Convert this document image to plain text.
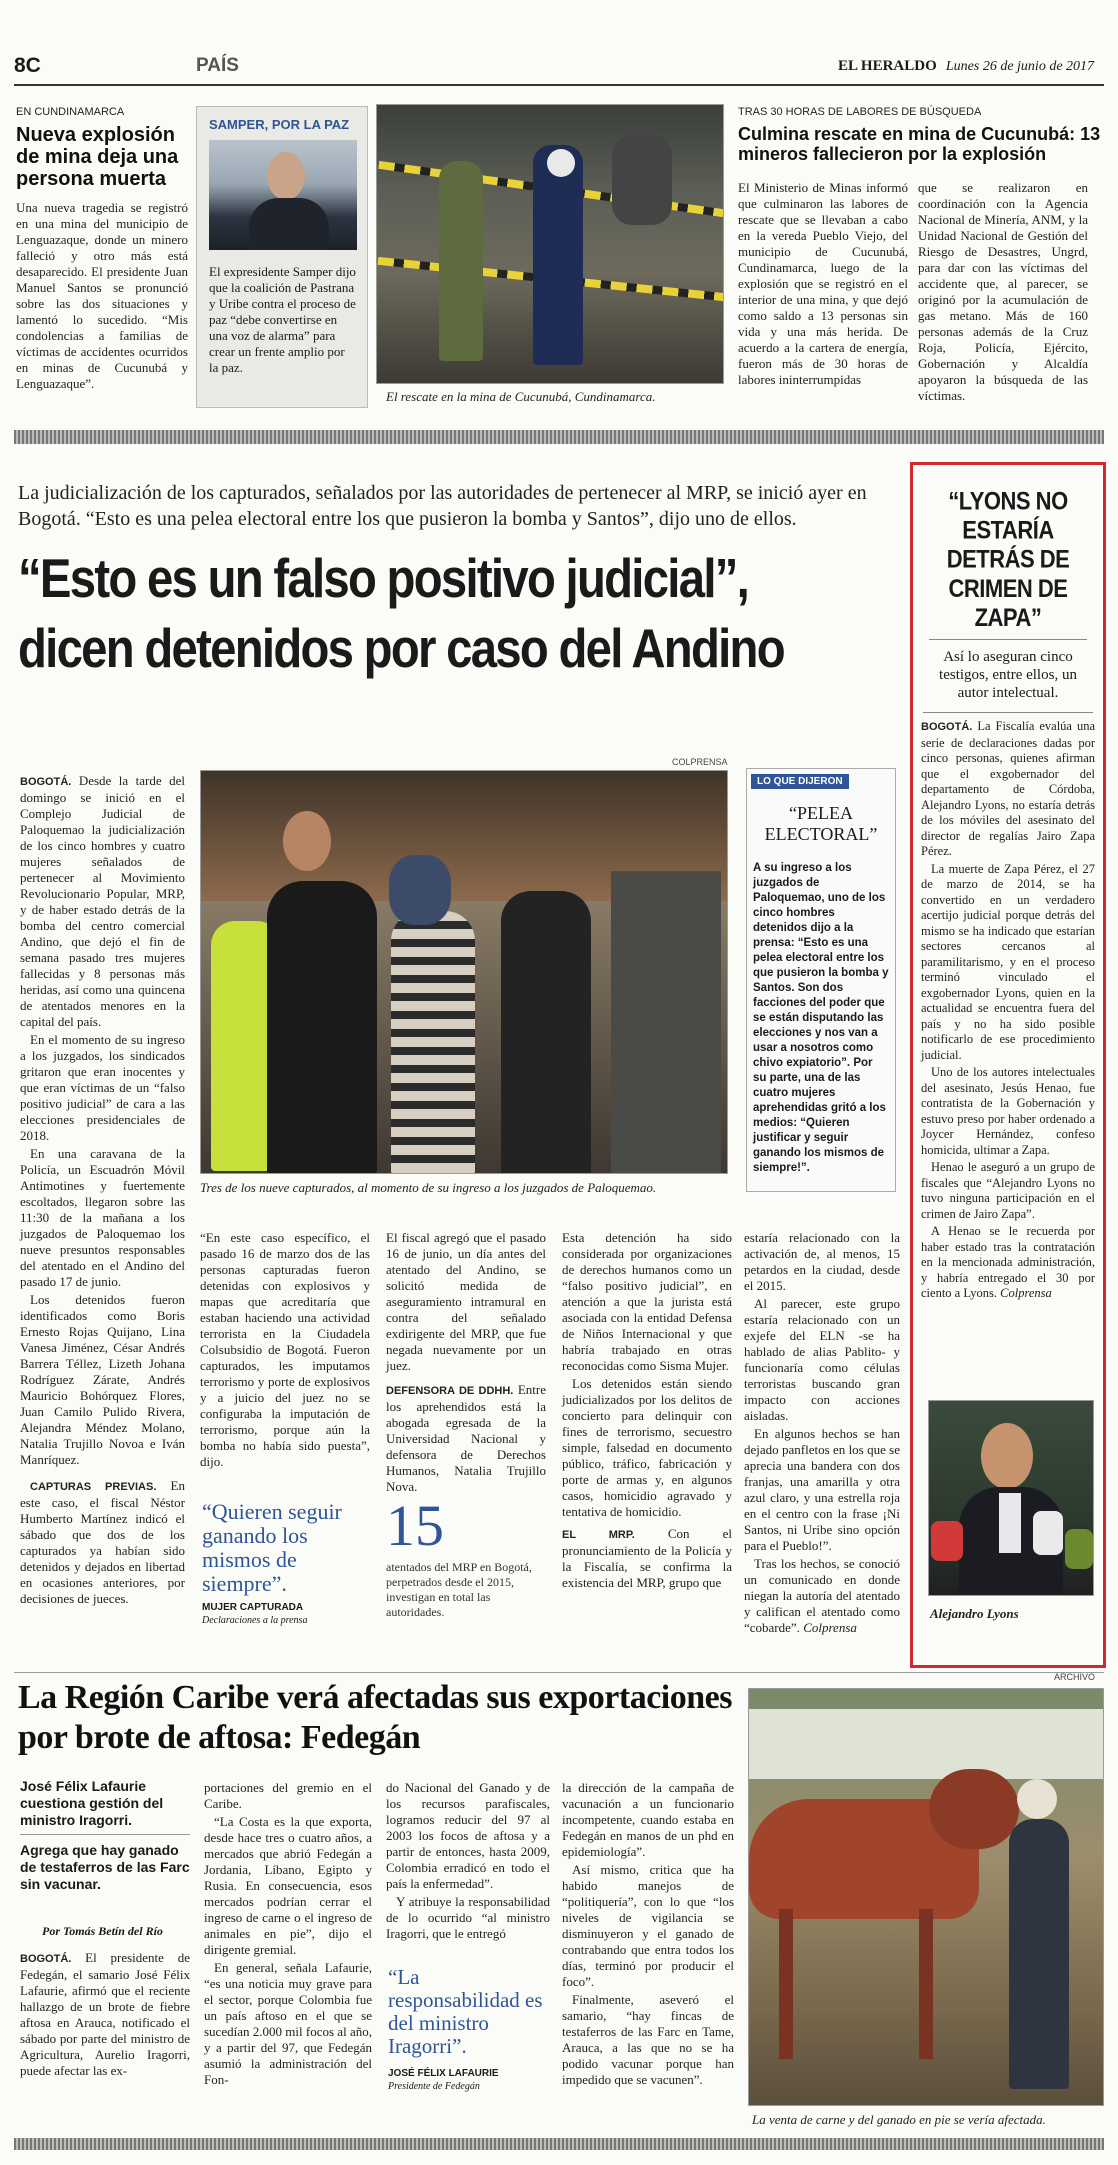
8C	PAÍS	EL HERALDO Lunes 26 de junio de 2017
EN CUNDINAMARCA
Nueva explosión de mina deja una persona muerta
Una nueva tragedia se registró en una mina del municipio de Lenguazaque, donde un minero falleció y otro más está desaparecido. El presidente Juan Manuel Santos se pronunció sobre las dos situaciones y lamentó lo sucedido. “Mis condolencias a familias de víctimas de accidentes ocurridos en minas de Cucunubá y Lenguazaque”.
SAMPER, POR LA PAZ
El expresidente Samper dijo que la coalición de Pastrana y Uribe contra el proceso de paz “debe convertirse en una voz de alarma” para crear un frente amplio por la paz.
El rescate en la mina de Cucunubá, Cundinamarca.
TRAS 30 HORAS DE LABORES DE BÚSQUEDA
Culmina rescate en mina de Cucunubá: 13 mineros fallecieron por la explosión
El Ministerio de Minas informó que culminaron las labores de rescate que se llevaban a cabo en la vereda Pueblo Viejo, del municipio de Cucunubá, Cundinamarca, luego de la explosión que se registró en el interior de una mina, y que dejó como saldo a 13 personas sin vida y una más herida. De acuerdo a la cartera de energía, fueron más de 30 horas de labores ininterrumpidas
que se realizaron en coordinación con la Agencia Nacional de Minería, ANM, y la Unidad Nacional de Gestión del Riesgo de Desastres, Ungrd, para dar con las víctimas del accidente que, al parecer, se originó por la acumulación de gas metano. Más de 160 personas además de la Cruz Roja, Policía, Ejército, Gobernación y Alcaldía apoyaron la búsqueda de las víctimas.
La judicialización de los capturados, señalados por las autoridades de pertenecer al MRP, se inició ayer en Bogotá. “Esto es una pelea electoral entre los que pusieron la bomba y Santos”, dijo uno de ellos.
“Esto es un falso positivo judicial”,
dicen detenidos por caso del Andino

BOGOTÁ. Desde la tarde del domingo se inició en el Complejo Judicial de Paloquemao la judicialización de los cinco hombres y cuatro mujeres señalados de pertenecer al Movimiento Revolucionario Popular, MRP, y de haber estado detrás de la bomba del centro comercial Andino, que dejó el fin de semana pasado tres mujeres fallecidas y 8 personas más heridas, así como una quincena de atentados menores en la capital del país.

En el momento de su ingreso a los juzgados, los sindicados gritaron que eran inocentes y que eran víctimas de un “falso positivo judicial” de cara a las elecciones presidenciales de 2018.

En una caravana de la Policía, un Escuadrón Móvil Antimotines y fuertemente escoltados, llegaron sobre las 11:30 de la mañana a los juzgados de Paloquemao los nueve presuntos responsables del atentado en el Andino del pasado 17 de junio.

Los detenidos fueron identificados como Boris Ernesto Rojas Quijano, Lina Vanesa Jiménez, César Andrés Barrera Téllez, Lizeth Johana Rodríguez Zárate, Andrés Mauricio Bohórquez Flores, Juan Camilo Pulido Rivera, Alejandra Méndez Molano, Natalia Trujillo Novoa e Iván Manríquez.

CAPTURAS PREVIAS. En este caso, el fiscal Néstor Humberto Martínez indicó el sábado que dos de los capturados ya habían sido detenidos y dejados en libertad en ocasiones anteriores, por decisiones de jueces.

COLPRENSA
Tres de los nueve capturados, al momento de su ingreso a los juzgados de Paloquemao.
LO QUE DIJERON
“PELEA ELECTORAL”
A su ingreso a los juzgados de Paloquemao, uno de los cinco hombres detenidos dijo a la prensa: “Esto es una pelea electoral entre los que pusieron la bomba y Santos. Son dos facciones del poder que se están disputando las elecciones y nos van a usar a nosotros como chivo expiatorio”. Por su parte, una de las cuatro mujeres aprehendidas gritó a los medios: “Quieren justificar y seguir ganando los mismos de siempre!”.
“En este caso específico, el pasado 16 de marzo dos de las personas capturadas fueron detenidas con explosivos y mapas que acreditaría que estaban haciendo una actividad terrorista en la Ciudadela Colsubsidio de Bogotá. Fueron capturados, les imputamos terrorismo y porte de explosivos y a juicio del juez no se configuraba la imputación de terrorismo, porque aún la bomba no había sido puesta”, dijo.
“Quieren seguir ganando los mismos de siempre”.
MUJER CAPTURADA
Declaraciones a la prensa

El fiscal agregó que el pasado 16 de junio, un día antes del atentado del Andino, se solicitó medida de aseguramiento intramural en contra del señalado exdirigente del MRP, que fue negada nuevamente por un juez.

DEFENSORA DE DDHH. Entre los aprehendidos está la abogada egresada de la Universidad Nacional y defensora de Derechos Humanos, Natalia Trujillo Nova.

15
atentados del MRP en Bogotá, perpetrados desde el 2015, investigan en total las autoridades.

Esta detención ha sido considerada por organizaciones de derechos humanos como un “falso positivo judicial”, en atención a que la jurista está asociada con la entidad Defensa de Niños Internacional y que habría trabajado en otras reconocidas como Sisma Mujer.

Los detenidos están siendo judicializados por los delitos de concierto para delinquir con fines de terrorismo, secuestro simple, falsedad en documento público, tráfico, fabricación y porte de armas y, en algunos casos, homicidio agravado y tentativa de homicidio.

EL MRP.	Con el pronunciamiento de la Policía y la Fiscalía, se confirma la existencia del MRP, grupo que

estaría relacionado con la activación de, al menos, 15 petardos en la ciudad, desde el 2015.

Al parecer, este grupo estaría relacionado con un exjefe del ELN -se ha hablado de alias Pablito- y funcionaría como células terroristas buscando gran impacto con acciones aisladas.

En algunos hechos se han dejado panfletos en los que se aprecia una bandera con dos franjas, una amarilla y otra azul claro, y una estrella roja en el centro con la frase ¡Ni Santos, ni Uribe sino opción para el Pueblo!”.

Tras los hechos, se conoció un comunicado en donde niegan la autoría del atentado y califican el atentado como “cobarde”. Colprensa

“LYONS NO ESTARÍA DETRÁS DE CRIMEN DE ZAPA”
Así lo aseguran cinco testigos, entre ellos, un autor intelectual.

BOGOTÁ. La Fiscalía evalúa una serie de declaraciones dadas por cinco personas, quienes afirman que el exgobernador del departamento de Córdoba, Alejandro Lyons, no estaría detrás de los móviles del asesinato del director de regalías Jairo Zapa Pérez.

La muerte de Zapa Pérez, el 27 de marzo de 2014, se ha convertido en un verdadero acertijo judicial porque detrás del mismo se ha indicado que estarían sectores cercanos al paramilitarismo, y en el proceso terminó vinculado el exgobernador Lyons, quien en la actualidad se encuentra fuera del país y no ha sido posible notificarlo de ese procedimiento judicial.

Uno de los autores intelectuales del asesinato, Jesús Henao, fue contratista de la Gobernación y estuvo preso por haber ordenado a Joycer Hernández, confeso homicida, ultimar a Zapa.

Henao le aseguró a un grupo de fiscales que “Alejandro Lyons no tuvo ninguna participación en el crimen de Jairo Zapa”.

A Henao se le recuerda por haber estado tras la contratación en la mencionada administración, y habría entregado el 30 por ciento a Lyons. Colprensa

Alejandro Lyons
La Región Caribe verá afectadas sus exportaciones por brote de aftosa: Fedegán
José Félix Lafaurie cuestiona gestión del ministro Iragorri.
Agrega que hay ganado de testaferros de las Farc sin vacunar.
Por Tomás Betín del Río

BOGOTÁ. El presidente de Fedegán, el samario José Félix Lafaurie, afirmó que el reciente hallazgo de un brote de fiebre aftosa en Arauca, notificado el sábado por parte del ministro de Agricultura, Aurelio Iragorri, puede afectar las ex-

portaciones del gremio en el Caribe.

“La Costa es la que exporta, desde hace tres o cuatro años, a mercados que abrió Fedegán a Jordania, Líbano, Egipto y Rusia. En consecuencia, esos mercados podrían cerrar el ingreso de carne o el ingreso de animales en pie”, dijo el dirigente gremial.

En general, señala Lafaurie, “es una noticia muy grave para el sector, porque Colombia fue un país aftoso en el que se sucedían 2.000 mil focos al año, y a partir del 97, que Fedegán asumió la administración del Fon-

do Nacional del Ganado y de los recursos parafiscales, logramos reducir del 97 al 2003 los focos de aftosa y a partir de entonces, hasta 2009, Colombia erradicó en todo el país la enfermedad”.

Y atribuye la responsabilidad de lo ocurrido “al ministro Iragorri, que le entregó

“La responsabilidad es del ministro Iragorri”.
JOSÉ FÉLIX LAFAURIE
Presidente de Fedegán

la dirección de la campaña de vacunación a un funcionario incompetente, cuando estaba en Fedegán en manos de un phd en epidemiología”.

Así mismo, critica que ha habido manejos de “politiquería”, con lo que “los niveles de vigilancia se disminuyeron y el ganado de contrabando que entra todos los días, terminó por producir el foco”.

Finalmente, aseveró el samario, “hay fincas de testaferros de las Farc en Tame, Arauca, a las que no se ha podido vacunar porque han impedido que se vacunen”.

ARCHIVO
La venta de carne y del ganado en pie se vería afectada.
